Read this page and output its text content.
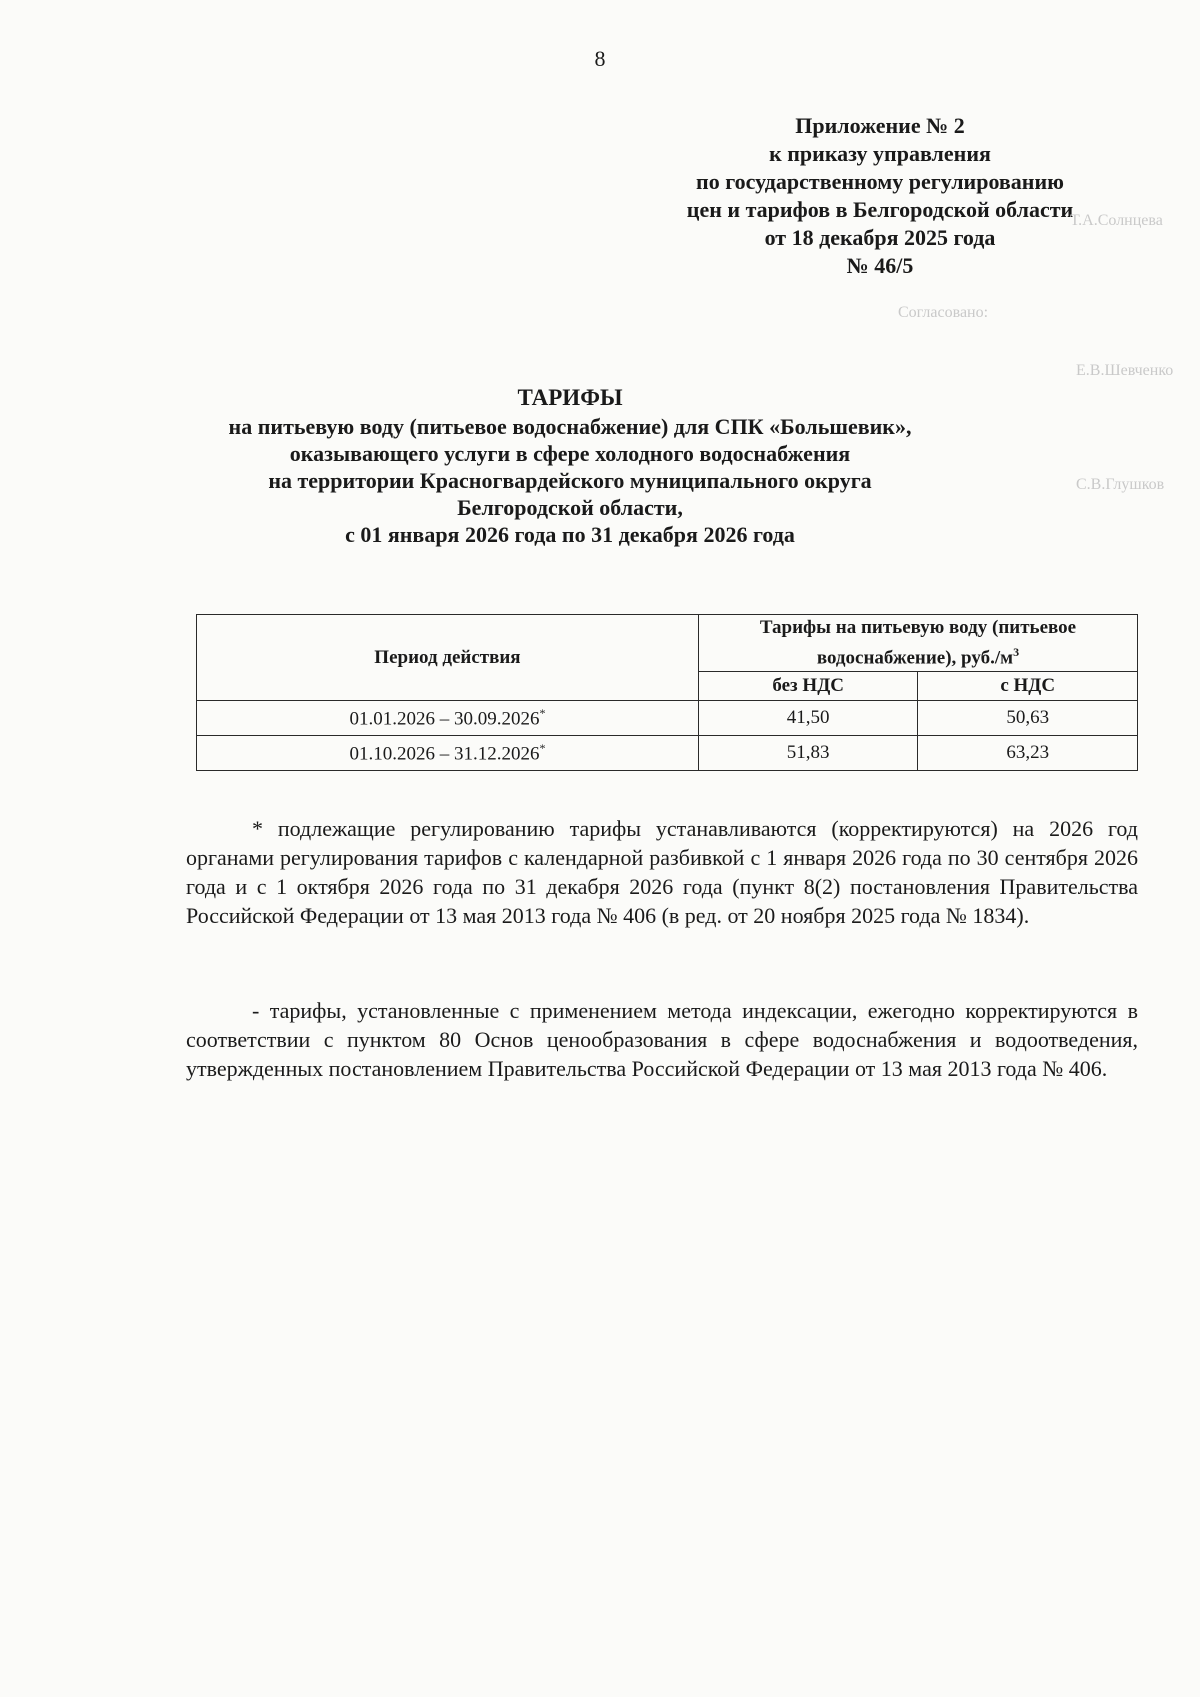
8
Приложение № 2
к приказу управления
по государственному регулированию
цен и тарифов в Белгородской области
от 18 декабря 2025 года
№ 46/5
Т.А.Солнцева
Согласовано:
Е.В.Шевченко
С.В.Глушков
ТАРИФЫ
на питьевую воду (питьевое водоснабжение) для СПК «Большевик»,
оказывающего услуги в сфере холодного водоснабжения
на территории Красногвардейского муниципального округа
Белгородской области,
с 01 января 2026 года по 31 декабря 2026 года
Период действия	Тарифы на питьевую воду (питьевое водоснабжение), $руб./м^3$
	без НДС	с НДС
01.01.2026 – 30.09.2026*	41,50	50,63
01.10.2026 – 31.12.2026*	51,83	63,23

* подлежащие регулированию тарифы устанавливаются (корректируются) на 2026 год органами регулирования тарифов с календарной разбивкой с 1 января 2026 года по 30 сентября 2026 года и с 1 октября 2026 года по 31 декабря 2026 года (пункт 8(2) постановления Правительства Российской Федерации от 13 мая 2013 года № 406 (в ред. от 20 ноября 2025 года № 1834).

- тарифы, установленные с применением метода индексации, ежегодно корректируются в соответствии с пунктом 80 Основ ценообразования в сфере водоснабжения и водоотведения, утвержденных постановлением Правительства Российской Федерации от 13 мая 2013 года № 406.
